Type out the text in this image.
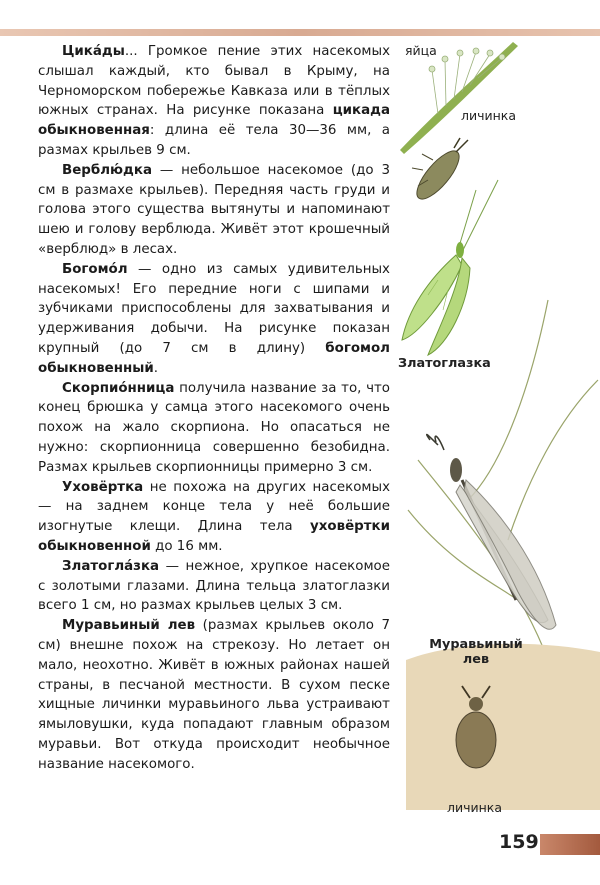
Цика́ды... Громкое пение этих насекомых слышал каждый, кто бывал в Крыму, на Черноморском побережье Кавказа или в тёплых южных странах. На рисунке показана цикада обыкновенная: длина её тела 30—36 мм, а размах крыльев 9 см.

Верблю́дка — небольшое насекомое (до 3 см в размахе крыльев). Передняя часть груди и голова этого существа вытянуты и напоминают шею и голову верблюда. Живёт этот крошечный «верблюд» в лесах.

Богомо́л — одно из самых удивительных насекомых! Его передние ноги с шипами и зубчиками приспособлены для захватывания и удерживания добычи. На рисунке показан крупный (до 7 см в длину) богомол обыкновенный.

Скорпио́нница получила название за то, что конец брюшка у самца этого насекомого очень похож на жало скорпиона. Но опасаться не нужно: скорпионница совершенно безобидна. Размах крыльев скорпионницы примерно 3 см.

Уховёртка не похожа на других насекомых — на заднем конце тела у неё большие изогнутые клещи. Длина тела уховёртки обыкновенной до 16 мм.

Златогла́зка — нежное, хрупкое насекомое с золотыми глазами. Длина тельца златоглазки всего 1 см, но размах крыльев целых 3 см.

Муравьиный лев (размах крыльев около 7 см) внешне похож на стрекозу. Но летает он мало, неохотно. Живёт в южных районах нашей страны, в песчаной местности. В сухом песке хищные личинки муравьиного льва устраивают ямыловушки, куда попадают главным образом муравьи. Вот откуда происходит необычное название насекомого.

яйца
личинка
Златоглазка
Муравьиный
лев
личинка
159
